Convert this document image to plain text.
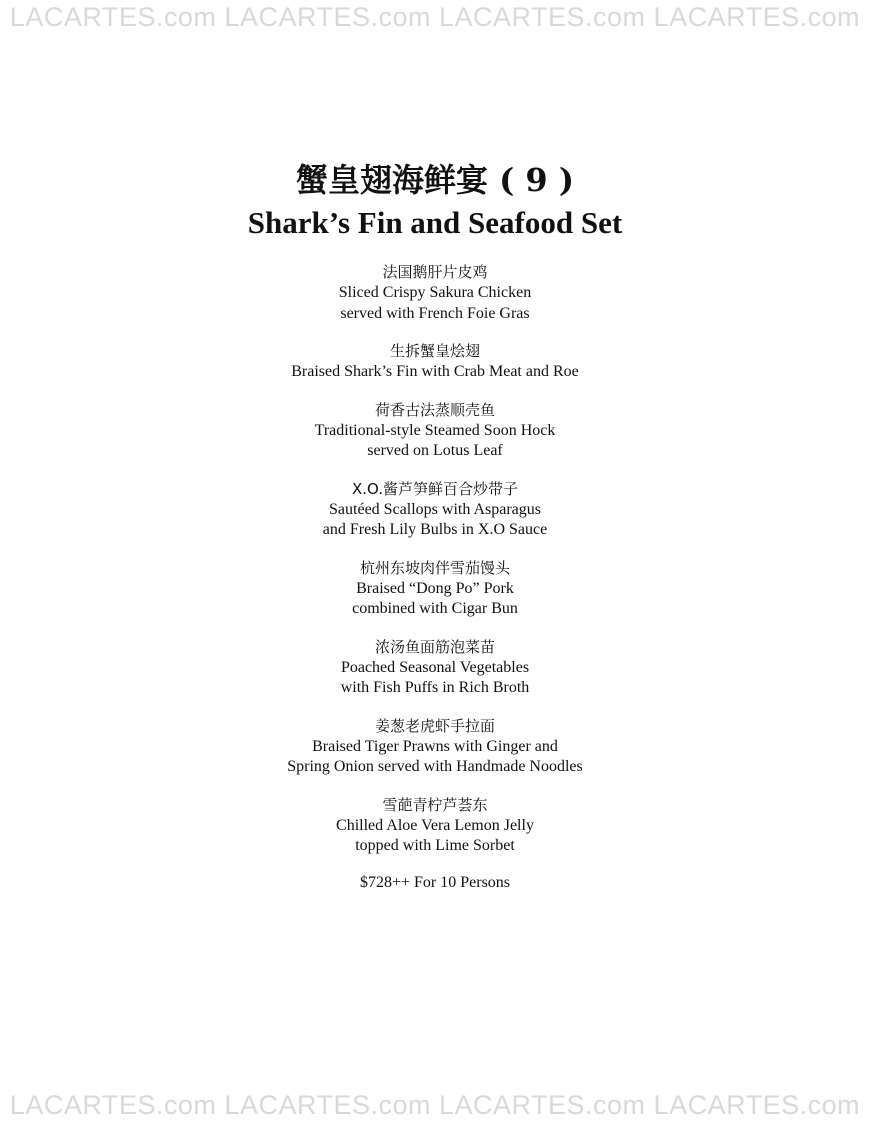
LACARTES.com LACARTES.com LACARTES.com LACARTES.com
蟹皇翅海鲜宴 ( 9 )
Shark’s Fin and Seafood Set
法国鹅肝片皮鸡
Sliced Crispy Sakura Chicken
served with French Foie Gras
生拆蟹皇烩翅
Braised Shark’s Fin with Crab Meat and Roe
荷香古法蒸顺壳鱼
Traditional-style Steamed Soon Hock
served on Lotus Leaf
X.O.酱芦笋鲜百合炒带子
Sautéed Scallops with Asparagus
and Fresh Lily Bulbs in X.O Sauce
杭州东坡肉伴雪茄馒头
Braised “Dong Po” Pork
combined with Cigar Bun
浓汤鱼面筋泡菜苗
Poached Seasonal Vegetables
with Fish Puffs in Rich Broth
姜葱老虎虾手拉面
Braised Tiger Prawns with Ginger and
Spring Onion served with Handmade Noodles
雪葩青柠芦荟东
Chilled Aloe Vera Lemon Jelly
topped with Lime Sorbet
$728++ For 10 Persons
LACARTES.com LACARTES.com LACARTES.com LACARTES.com
